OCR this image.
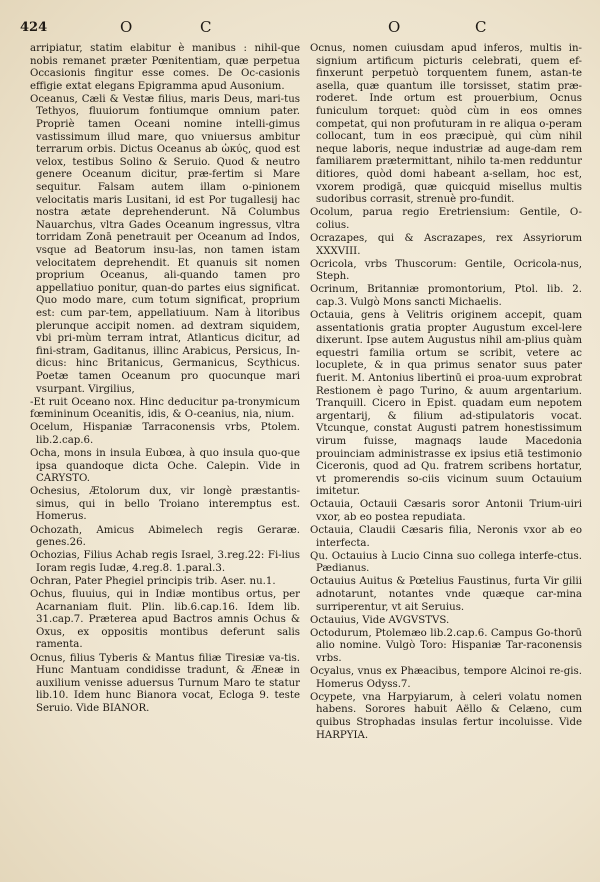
424	O	C	O	C

arripiatur, statim elabitur è manibus : nihil-que nobis remanet præter Pœnitentiam, quæ perpetua Occasionis fingitur esse comes. De Oc-casionis effigie extat elegans Epigramma apud Ausonium.

Oceanus, Cæli & Vestæ filius, maris Deus, mari-tus Tethyos, fluuiorum fontiumque omnium pater. Propriè tamen Oceani nomine intelli-gimus vastissimum illud mare, quo vniuersus ambitur terrarum orbis. Dictus Oceanus ab ὠκύς, quod est velox, testibus Solino & Seruio. Quod & neutro genere Oceanum dicitur, præ-fertim si Mare sequitur. Falsam autem illam o-pinionem velocitatis maris Lusitani, id est Por tugallesij hac nostra ætate deprehenderunt. Nā Columbus Nauarchus, vltra Gades Oceanum ingressus, vltra torridam Zonā penetrauit per Oceanum ad Indos, vsque ad Beatorum insu-las, non tamen istam velocitatem deprehendit. Et quanuis sit nomen proprium Oceanus, ali-quando tamen pro appellatiuo ponitur, quan-do partes eius significat. Quo modo mare, cum totum significat, proprium est: cum par-tem, appellatiuum. Nam à litoribus plerunque accipit nomen. ad dextram siquidem, vbi pri-mùm terram intrat, Atlanticus dicitur, ad fini-stram, Gaditanus, illinc Arabicus, Persicus, In-dicus: hinc Britanicus, Germanicus, Scythicus. Poetæ tamen Oceanum pro quocunque mari vsurpant. Virgilius,

-Et ruit Oceano nox. Hinc deducitur pa-tronymicum fœmininum Oceanitis, idis, & O-ceanius, nia, nium.

Ocelum, Hispaniæ Tarraconensis vrbs, Ptolem. lib.2.cap.6.

Ocha, mons in insula Eubœa, à quo insula quo-que ipsa quandoque dicta Oche. Calepin. Vide in CARYSTO.

Ochesius, Ætolorum dux, vir longè præstantis-simus, qui in bello Troiano interemptus est. Homerus.

Ochozath, Amicus Abimelech regis Geraræ. genes.26.

Ochozias, Filius Achab regis Israel, 3.reg.22: Fi-lius Ioram regis Iudæ, 4.reg.8. 1.paral.3.

Ochran, Pater Phegiel principis trib. Aser. nu.1.

Ochus, fluuius, qui in Indiæ montibus ortus, per Acarnaniam fluit. Plin. lib.6.cap.16. Idem lib. 31.cap.7. Præterea apud Bactros amnis Ochus & Oxus, ex oppositis montibus deferunt salis ramenta.

Ocnus, filius Tyberis & Mantus filiæ Tiresiæ va-tis. Hunc Mantuam condidisse tradunt, & Æneæ in auxilium venisse aduersus Turnum Maro te statur lib.10. Idem hunc Bianora vocat, Ecloga 9. teste Seruio. Vide BIANOR.

Ocnus, nomen cuiusdam apud inferos, multis in-signium artificum picturis celebrati, quem ef-finxerunt perpetuò torquentem funem, astan-te asella, quæ quantum ille torsisset, statim præ-roderet. Inde ortum est prouerbium, Ocnus funiculum torquet: quòd cùm in eos omnes competat, qui non profuturam in re aliqua o-peram collocant, tum in eos præcipuè, qui cùm nihil neque laboris, neque industriæ ad auge-dam rem familiarem prætermittant, nihilo ta-men redduntur ditiores, quòd domi habeant a-sellam, hoc est, vxorem prodigā, quæ quicquid misellus multis sudoribus corrasit, strenuè pro-fundit.

Ocolum, parua regio Eretriensium: Gentile, O-colius.

Ocrazapes, qui & Ascrazapes, rex Assyriorum XXXVIII.

Ocricola, vrbs Thuscorum: Gentile, Ocricola-nus, Steph.

Ocrinum, Britanniæ promontorium, Ptol. lib. 2. cap.3. Vulgò Mons sancti Michaelis.

Octauia, gens à Velitris originem accepit, quam assentationis gratia propter Augustum excel-lere dixerunt. Ipse autem Augustus nihil am-plius quàm equestri familia ortum se scribit, vetere ac locuplete, & in qua primus senator suus pater fuerit. M. Antonius libertinū ei proa-uum exprobrat Restionem è pago Turino, & auum argentarium. Tranquill. Cicero in Epist. quadam eum nepotem argentarij, & filium ad-stipulatoris vocat. Vtcunque, constat Augusti patrem honestissimum virum fuisse, magnaqs laude Macedonia prouinciam administrasse ex ipsius etiā testimonio Ciceronis, quod ad Qu. fratrem scribens hortatur, vt promerendis so-ciis vicinum suum Octauium imitetur.

Octauia, Octauii Cæsaris soror Antonii Trium-uiri vxor, ab eo postea repudiata.

Octauia, Claudii Cæsaris filia, Neronis vxor ab eo interfecta.

Qu. Octauius à Lucio Cinna suo collega interfe-ctus. Pædianus.

Octauius Auitus & Pœtelius Faustinus, furta Vir gilii adnotarunt, notantes vnde quæque car-mina surriperentur, vt ait Seruius.

Octauius, Vide AVGVSTVS.

Octodurum, Ptolemæo lib.2.cap.6. Campus Go-thorū alio nomine. Vulgò Toro: Hispaniæ Tar-raconensis vrbs.

Ocyalus, vnus ex Phæacibus, tempore Alcinoi re-gis. Homerus Odyss.7.

Ocypete, vna Harpyiarum, à celeri volatu nomen habens. Sorores habuit Aëllo & Celæno, cum quibus Strophadas insulas fertur incoluisse. Vide HARPYIA.
